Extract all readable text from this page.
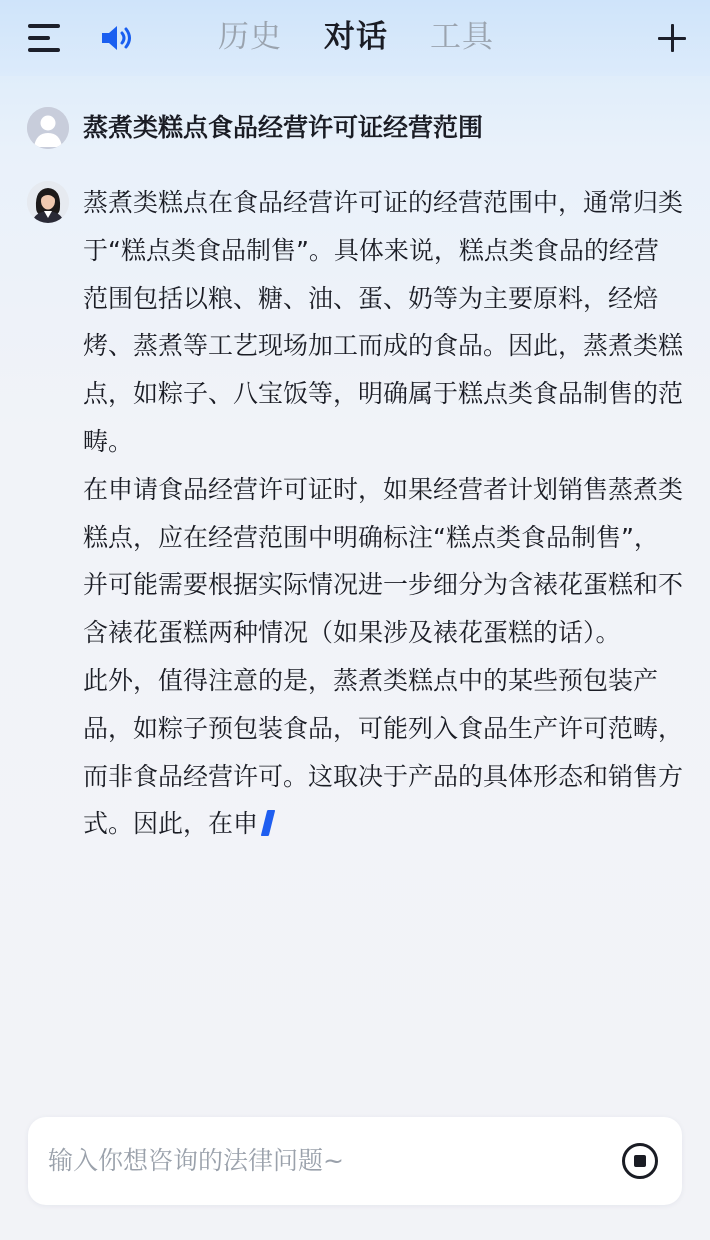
历史 对话 工具
蒸煮类糕点食品经营许可证经营范围

蒸煮类糕点在食品经营许可证的经营范围中，通常归类于“糕点类食品制售”。具体来说，糕点类食品的经营范围包括以粮、糖、油、蛋、奶等为主要原料，经焙烤、蒸煮等工艺现场加工而成的食品。因此，蒸煮类糕点，如粽子、八宝饭等，明确属于糕点类食品制售的范畴。

在申请食品经营许可证时，如果经营者计划销售蒸煮类糕点，应在经营范围中明确标注“糕点类食品制售”，并可能需要根据实际情况进一步细分为含裱花蛋糕和不含裱花蛋糕两种情况（如果涉及裱花蛋糕的话）。

此外，值得注意的是，蒸煮类糕点中的某些预包装产品，如粽子预包装食品，可能列入食品生产许可范畴，而非食品经营许可。这取决于产品的具体形态和销售方式。因此，在申

输入你想咨询的法律问题~
